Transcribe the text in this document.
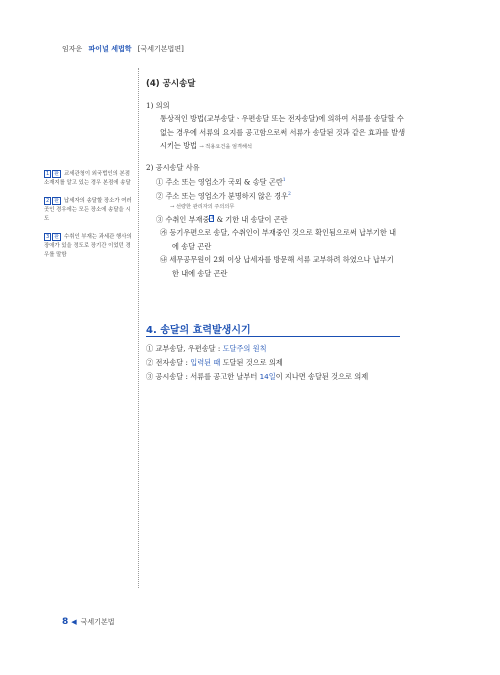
임자운 파이널 세법학 [국세기본법편]
1 판 교세관청이 외국법인의 본점 소재지를 알고 있는 경우 본점에 송달
2 판 납세자의 송달할 장소가 여러 곳인 경우에는 모든 장소에 송달을 시도
3 판 수취인 부재는 과세관 행사의 장애가 있을 정도로 장기간 이었던 경우를 말함
(4) 공시송달
1) 의의
통상적인 방법(교부송달ㆍ우편송달 또는 전자송달)에 의하여 서류를 송달할 수 없는 경우에 서류의 요지를 공고함으로써 서류가 송달된 것과 같은 효과를 발생시키는 방법 → 적용요건을 엄격해석
2) 공시송달 사유
① 주소 또는 영업소가 국외 & 송달 곤란$^1$
② 주소 또는 영업소가 분명하지 않은 경우$^2$
→ 선량한 관리자의 주의의무
③ 수취인 부재중3 & 기한 내 송달이 곤란
㉮ 등기우편으로 송달, 수취인이 부재중인 것으로 확인됨으로써 납부기한 내에 송달 곤란
㉯ 세무공무원이 2회 이상 납세자를 방문해 서류 교부하려 하였으나 납부기한 내에 송달 곤란
4. 송달의 효력발생시기
① 교부송달, 우편송달 : 도달주의 원칙
② 전자송달 : 입력된 때 도달된 것으로 의제
③ 공시송달 : 서류를 공고한 날부터 14일이 지나면 송달된 것으로 의제
8 ◀ 국세기본법
